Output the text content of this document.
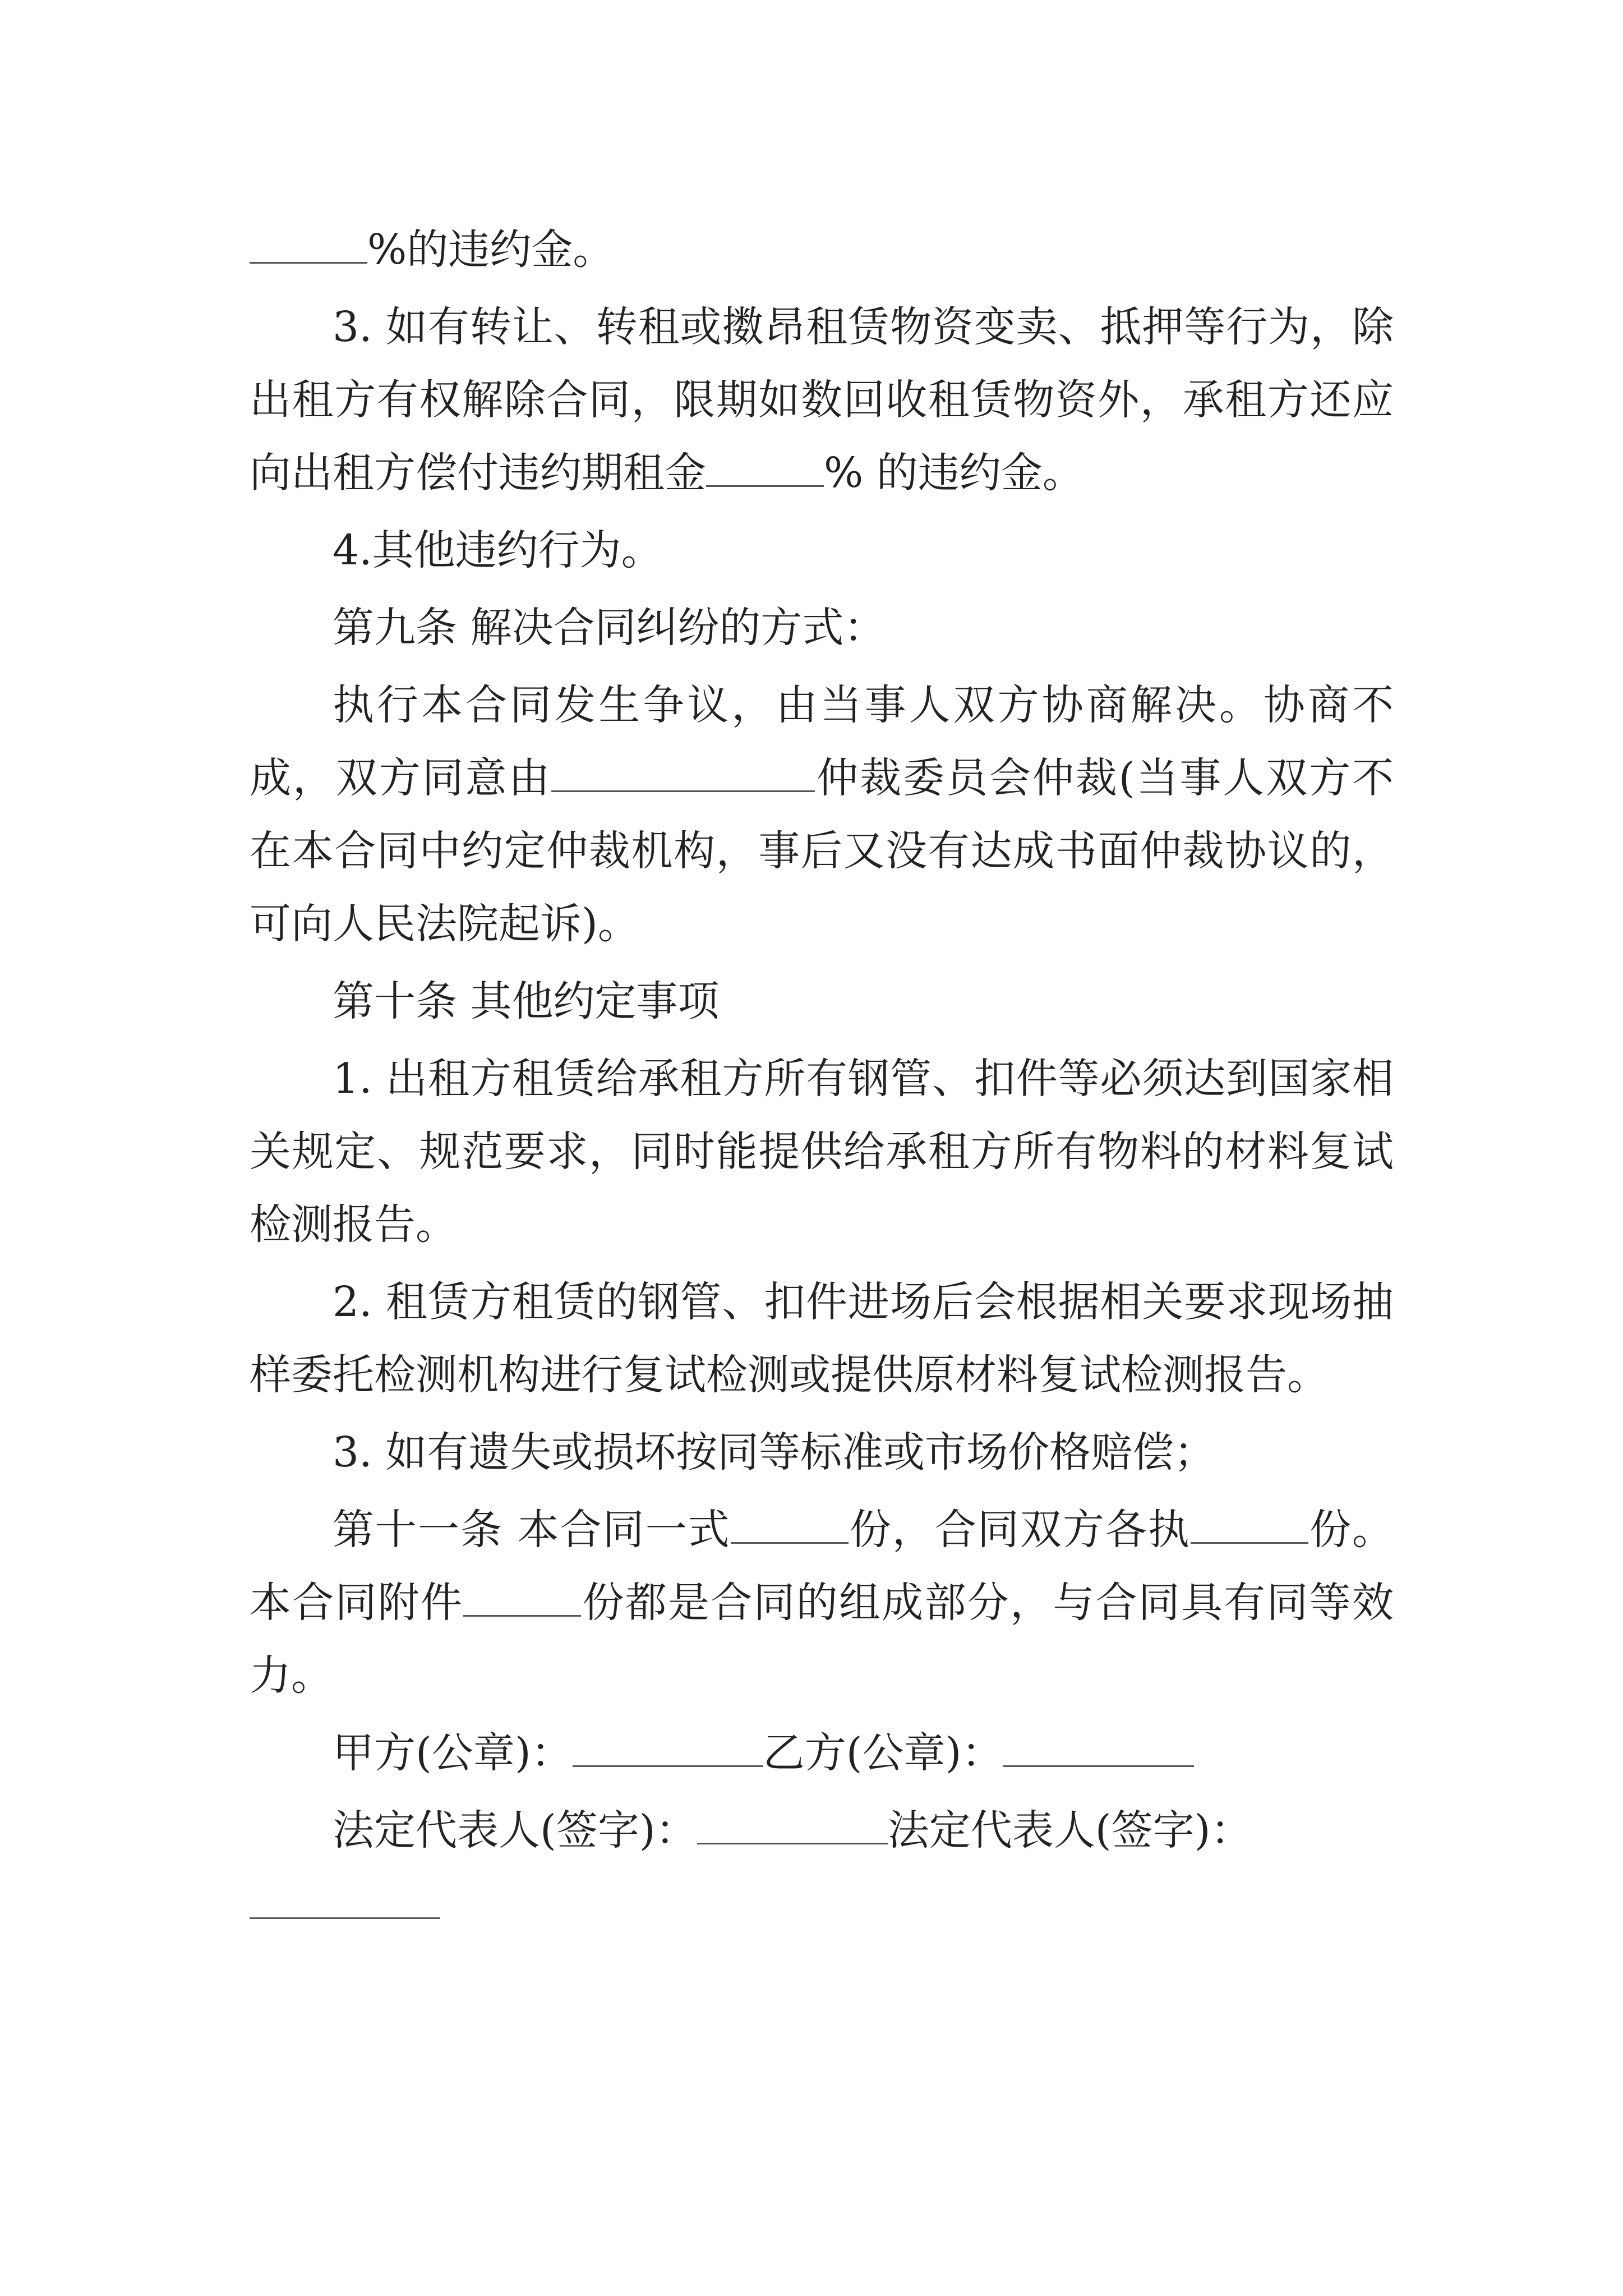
%的违约金。

3. 如有转让、转租或擞昂租赁物资变卖、抵押等行为，除出租方有权解除合同，限期如数回收租赁物资外，承租方还应向出租方偿付违约期租金	% 的违约金。

4.其他违约行为。

第九条 解决合同纠纷的方式：

执行本合同发生争议，由当事人双方协商解决。协商不成，双方同意由	仲裁委员会仲裁(当事人双方不在本合同中约定仲裁机构，事后又没有达成书面仲裁协议的，可向人民法院起诉)。

第十条 其他约定事项

1. 出租方租赁给承租方所有钢管、扣件等必须达到国家相关规定、规范要求，同时能提供给承租方所有物料的材料复试检测报告。

2. 租赁方租赁的钢管、扣件进场后会根据相关要求现场抽样委托检测机构进行复试检测或提供原材料复试检测报告。

3. 如有遗失或损坏按同等标准或市场价格赔偿；

第十一条 本合同一式	份，合同双方各执	份。本合同附件	份都是合同的组成部分，与合同具有同等效力。

甲方(公章)：	乙方(公章)：

法定代表人(签字)：	法定代表人(签字)：
